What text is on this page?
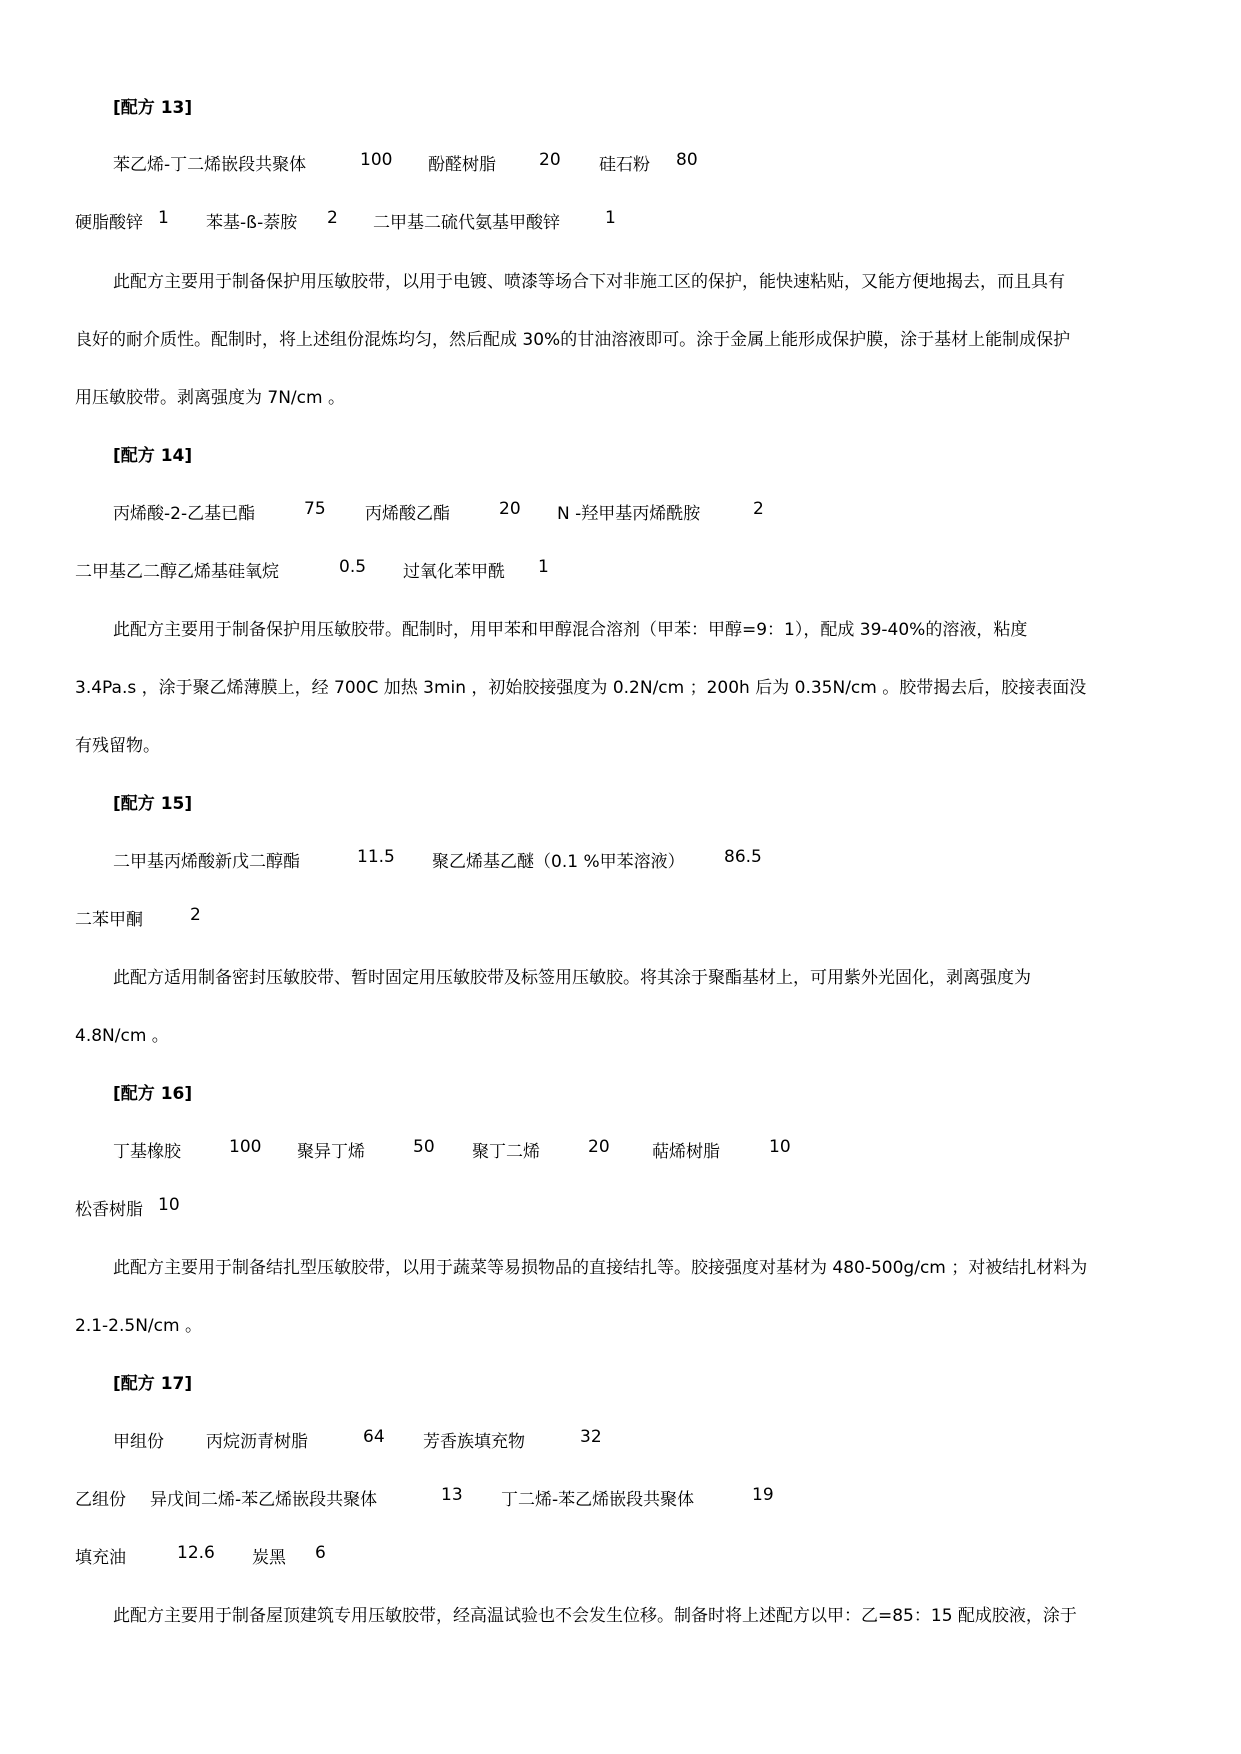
[配方 13]
苯乙烯-丁二烯嵌段共聚体	100 酚醛树脂	20 硅石粉 80
硬脂酸锌 1 苯基-ß-萘胺 2 二甲基二硫代氨基甲酸锌	1
此配方主要用于制备保护用压敏胶带，以用于电镀、喷漆等场合下对非施工区的保护，能快速粘贴，又能方便地揭去，而且具有
良好的耐介质性。配制时，将上述组份混炼均匀，然后配成 30%的甘油溶液即可。涂于金属上能形成保护膜，涂于基材上能制成保护
用压敏胶带。剥离强度为 7N/cm 。
[配方 14]
丙烯酸-2-乙基已酯	75 丙烯酸乙酯	20 N -羟甲基丙烯酰胺	2
二甲基乙二醇乙烯基硅氧烷	0.5 过氧化苯甲酰 1
此配方主要用于制备保护用压敏胶带。配制时，用甲苯和甲醇混合溶剂（甲苯：甲醇=9：1），配成 39-40%的溶液，粘度
3.4Pa.s ，涂于聚乙烯薄膜上，经 700C 加热 3min ，初始胶接强度为 0.2N/cm ；200h 后为 0.35N/cm 。胶带揭去后，胶接表面没
有残留物。
[配方 15]
二甲基丙烯酸新戊二醇酯	11.5 聚乙烯基乙醚（0.1 %甲苯溶液） 86.5
二苯甲酮	2
此配方适用制备密封压敏胶带、暂时固定用压敏胶带及标签用压敏胶。将其涂于聚酯基材上，可用紫外光固化，剥离强度为
4.8N/cm 。
[配方 16]
丁基橡胶	100 聚异丁烯	50 聚丁二烯	20 萜烯树脂	10
松香树脂 10
此配方主要用于制备结扎型压敏胶带，以用于蔬菜等易损物品的直接结扎等。胶接强度对基材为 480-500g/cm ；对被结扎材料为
2.1-2.5N/cm 。
[配方 17]
甲组份 丙烷沥青树脂	64 芳香族填充物	32
乙组份 异戊间二烯-苯乙烯嵌段共聚体	13 丁二烯-苯乙烯嵌段共聚体	19
填充油	12.6 炭黑 6
此配方主要用于制备屋顶建筑专用压敏胶带，经高温试验也不会发生位移。制备时将上述配方以甲：乙=85：15 配成胶液，涂于
